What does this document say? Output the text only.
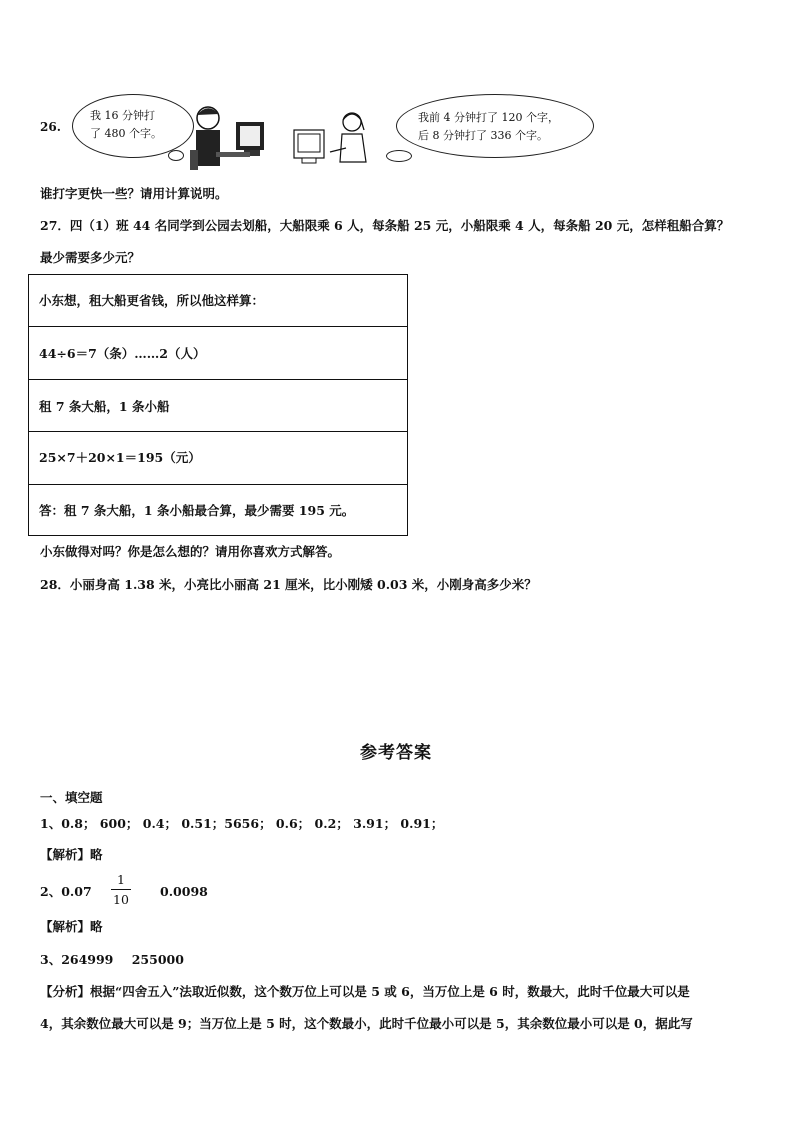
26.
我 16 分钟打
了 480 个字。
我前 4 分钟打了 120 个字，
后 8 分钟打了 336 个字。
谁打字更快一些？请用计算说明。
27．四（1）班 44 名同学到公园去划船，大船限乘 6 人，每条船 25 元，小船限乘 4 人，每条船 20 元，怎样租船合算？
最少需要多少元？
小东想，租大船更省钱，所以他这样算：
44÷6＝7（条）……2（人）
租 7 条大船，1 条小船
25×7＋20×1＝195（元）
答：租 7 条大船，1 条小船最合算，最少需要 195 元。
小东做得对吗？你是怎么想的？请用你喜欢方式解答。
28．小丽身高 1.38 米，小亮比小丽高 21 厘米，比小刚矮 0.03 米，小刚身高多少米？
参考答案
一、填空题
1、0.8； 600； 0.4； 0.51；5656； 0.6； 0.2； 3.91； 0.91；
【解析】略
2、0.07
1
10
0.0098
【解析】略
3、264999 255000
【分析】根据“四舍五入”法取近似数，这个数万位上可以是 5 或 6，当万位上是 6 时，数最大，此时千位最大可以是
4，其余数位最大可以是 9；当万位上是 5 时，这个数最小，此时千位最小可以是 5，其余数位最小可以是 0，据此写
